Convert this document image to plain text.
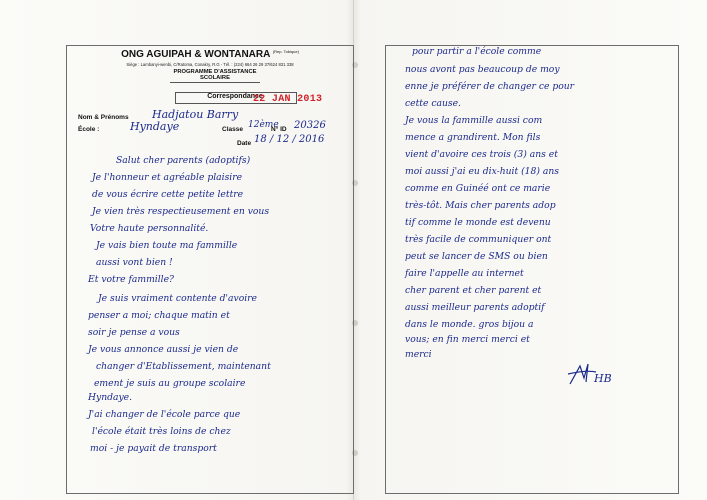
ONG AGUIPAH & WONTANARA $^{(Rep. Tobique)}$
Siège : Lambanyi-wenbi, C/Ratoma, Conakry, R.G - Tél. : (224) 664 26 29 37/624 831 338
PROGRAMME D'ASSISTANCE SCOLAIRE
Correspondance
22 JAN 2013
Nom & Prénoms Hadjatou Barry
École :	Hyndaye	Classe 12ème
N° ID 20326
Date 18 / 12 / 2016
Salut cher parents (adoptifs)
Je l'honneur et agréable plaisire
de vous écrire cette petite lettre
Je vien très respectieusement en vous
Votre haute personnalité.
Je vais bien toute ma fammille
aussi vont bien !
Et votre fammille?
Je suis vraiment contente d'avoire
penser a moi; chaque matin et
soir je pense a vous
Je vous annonce aussi je vien de
changer d'Etablissement, maintenant
ement je suis au groupe scolaire
Hyndaye.
J'ai changer de l'école parce que
l'école était très loins de chez
moi - je payait de transport
pour partir a l'école comme
nous avont pas beaucoup de moy
enne je préférer de changer ce pour
cette cause.
Je vous la fammille aussi com
mence a grandirent. Mon fils
vient d'avoire ces trois (3) ans et
moi aussi j'ai eu dix-huit (18) ans
comme en Guinéé ont ce marie
très-tôt. Mais cher parents adop
tif comme le monde est devenu
très facile de communiquer ont
peut se lancer de SMS ou bien
faire l'appelle au internet
cher parent et cher parent et
aussi meilleur parents adoptif
dans le monde. gros bijou a
vous; en fin merci merci et
merci
HB
